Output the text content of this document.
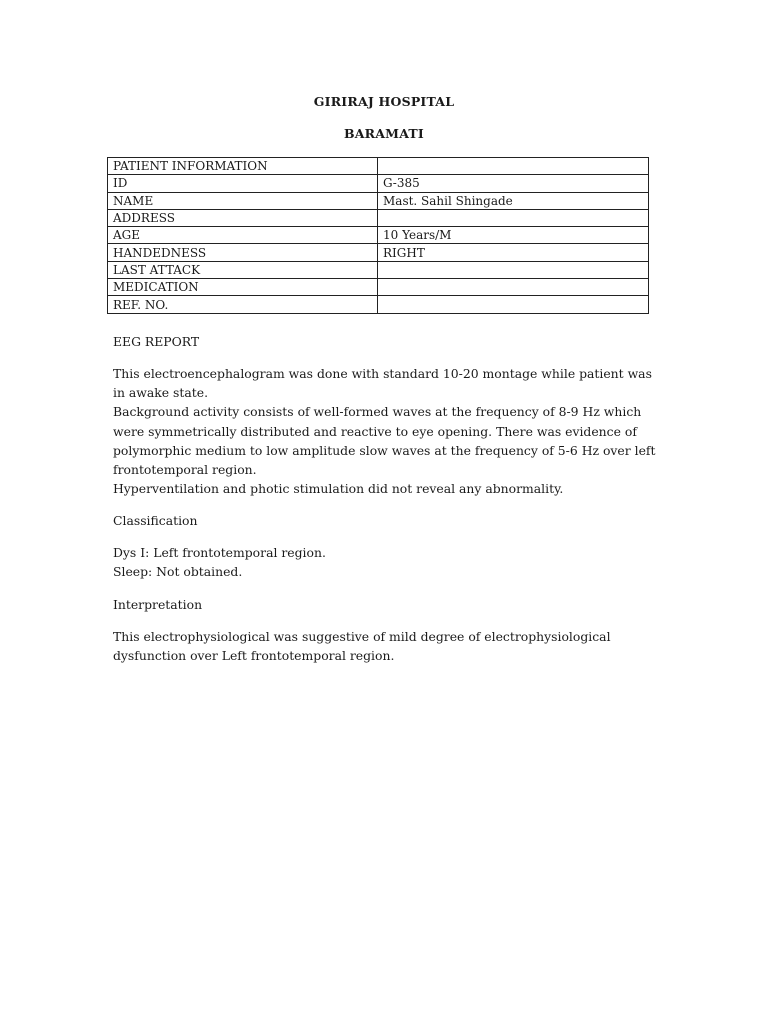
GIRIRAJ HOSPITAL
BARAMATI
PATIENT INFORMATION	
ID	G-385
NAME	Mast. Sahil Shingade
ADDRESS	
AGE	10 Years/M
HANDEDNESS	RIGHT
LAST ATTACK	
MEDICATION	
REF. NO.	
EEG REPORT

This electroencephalogram was done with standard 10-20 montage while patient was in awake state.

Background activity consists of well-formed waves at the frequency of 8-9 Hz which were symmetrically distributed and reactive to eye opening. There was evidence of polymorphic medium to low amplitude slow waves at the frequency of 5-6 Hz over left frontotemporal region.

Hyperventilation and photic stimulation did not reveal any abnormality.

Classification

Dys I: Left frontotemporal region.

Sleep: Not obtained.

Interpretation

This electrophysiological was suggestive of mild degree of electrophysiological dysfunction over Left frontotemporal region.
